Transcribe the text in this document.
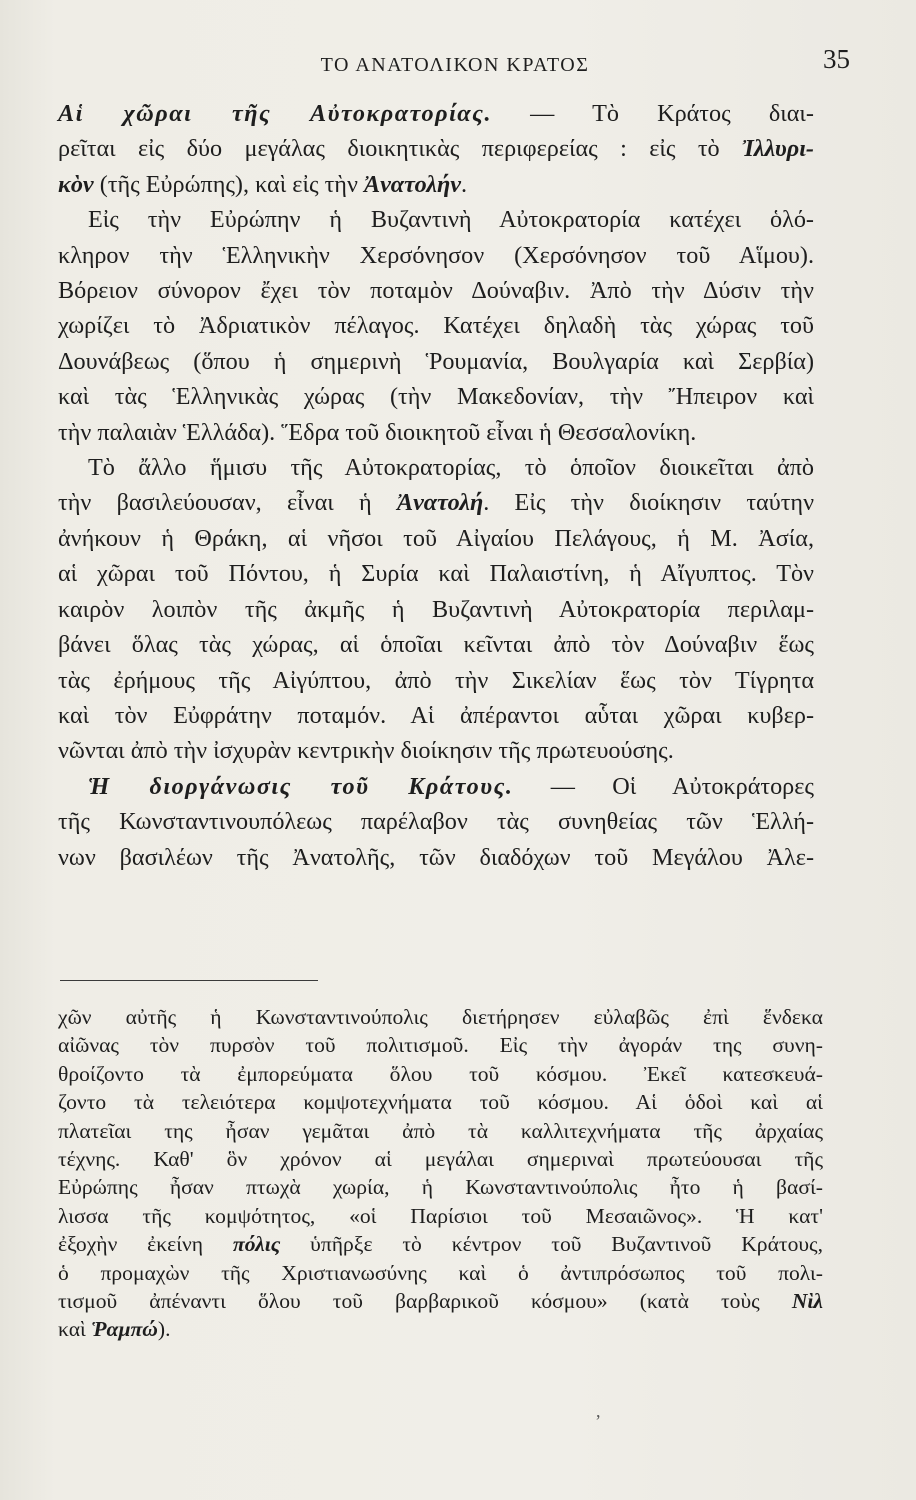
ΤΟ ΑΝΑΤΟΛΙΚΟΝ ΚΡΑΤΟΣ	35
Αἱ χῶραι τῆς Αὐτοκρατορίας. — Τὸ Κράτος διαι-
ρεῖται εἰς δύο μεγάλας διοικητικὰς περιφερείας : εἰς τὸ Ἰλλυρι-
κὸν (τῆς Εὐρώπης), καὶ εἰς τὴν Ἀνατολήν.
Εἰς τὴν Εὐρώπην ἡ Βυζαντινὴ Αὐτοκρατορία κατέχει ὁλό-
κληρον τὴν Ἑλληνικὴν Χερσόνησον (Χερσόνησον τοῦ Αἵμου).
Βόρειον σύνορον ἔχει τὸν ποταμὸν Δούναβιν. Ἀπὸ τὴν Δύσιν τὴν
χωρίζει τὸ Ἀδριατικὸν πέλαγος. Κατέχει δηλαδὴ τὰς χώρας τοῦ
Δουνάβεως (ὅπου ἡ σημερινὴ Ῥουμανία, Βουλγαρία καὶ Σερβία)
καὶ τὰς Ἑλληνικὰς χώρας (τὴν Μακεδονίαν, τὴν Ἤπειρον καὶ
τὴν παλαιὰν Ἑλλάδα). Ἕδρα τοῦ διοικητοῦ εἶναι ἡ Θεσσαλονίκη.
Τὸ ἄλλο ἥμισυ τῆς Αὐτοκρατορίας, τὸ ὁποῖον διοικεῖται ἀπὸ
τὴν βασιλεύουσαν, εἶναι ἡ Ἀνατολή. Εἰς τὴν διοίκησιν ταύτην
ἀνήκουν ἡ Θράκη, αἱ νῆσοι τοῦ Αἰγαίου Πελάγους, ἡ Μ. Ἀσία,
αἱ χῶραι τοῦ Πόντου, ἡ Συρία καὶ Παλαιστίνη, ἡ Αἴγυπτος. Τὸν
καιρὸν λοιπὸν τῆς ἀκμῆς ἡ Βυζαντινὴ Αὐτοκρατορία περιλαμ-
βάνει ὅλας τὰς χώρας, αἱ ὁποῖαι κεῖνται ἀπὸ τὸν Δούναβιν ἕως
τὰς ἐρήμους τῆς Αἰγύπτου, ἀπὸ τὴν Σικελίαν ἕως τὸν Τίγρητα
καὶ τὸν Εὐφράτην ποταμόν. Αἱ ἀπέραντοι αὗται χῶραι κυβερ-
νῶνται ἀπὸ τὴν ἰσχυρὰν κεντρικὴν διοίκησιν τῆς πρωτευούσης.
Ἡ διοργάνωσις τοῦ Κράτους. — Οἱ Αὐτοκράτορες
τῆς Κωνσταντινουπόλεως παρέλαβον τὰς συνηθείας τῶν Ἑλλή-
νων βασιλέων τῆς Ἀνατολῆς, τῶν διαδόχων τοῦ Μεγάλου Ἀλε-
χῶν αὐτῆς ἡ Κωνσταντινούπολις διετήρησεν εὐλαβῶς ἐπὶ ἕνδεκα
αἰῶνας τὸν πυρσὸν τοῦ πολιτισμοῦ. Εἰς τὴν ἀγοράν της συνη-
θροίζοντο τὰ ἐμπορεύματα ὅλου τοῦ κόσμου. Ἐκεῖ κατεσκευά-
ζοντο τὰ τελειότερα κομψοτεχνήματα τοῦ κόσμου. Αἱ ὁδοὶ καὶ αἱ
πλατεῖαι της ἦσαν γεμᾶται ἀπὸ τὰ καλλιτεχνήματα τῆς ἀρχαίας
τέχνης. Καθ' ὃν χρόνον αἱ μεγάλαι σημεριναὶ πρωτεύουσαι τῆς
Εὐρώπης ἦσαν πτωχὰ χωρία, ἡ Κωνσταντινούπολις ἦτο ἡ βασί-
λισσα τῆς κομψότητος, «οἱ Παρίσιοι τοῦ Μεσαιῶνος». Ἡ κατ'
ἐξοχὴν ἐκείνη πόλις ὑπῆρξε τὸ κέντρον τοῦ Βυζαντινοῦ Κράτους,
ὁ προμαχὼν τῆς Χριστιανωσύνης καὶ ὁ ἀντιπρόσωπος τοῦ πολι-
τισμοῦ ἀπέναντι ὅλου τοῦ βαρβαρικοῦ κόσμου» (κατὰ τοὺς Νὶλ
καὶ Ῥαμπώ).
,
